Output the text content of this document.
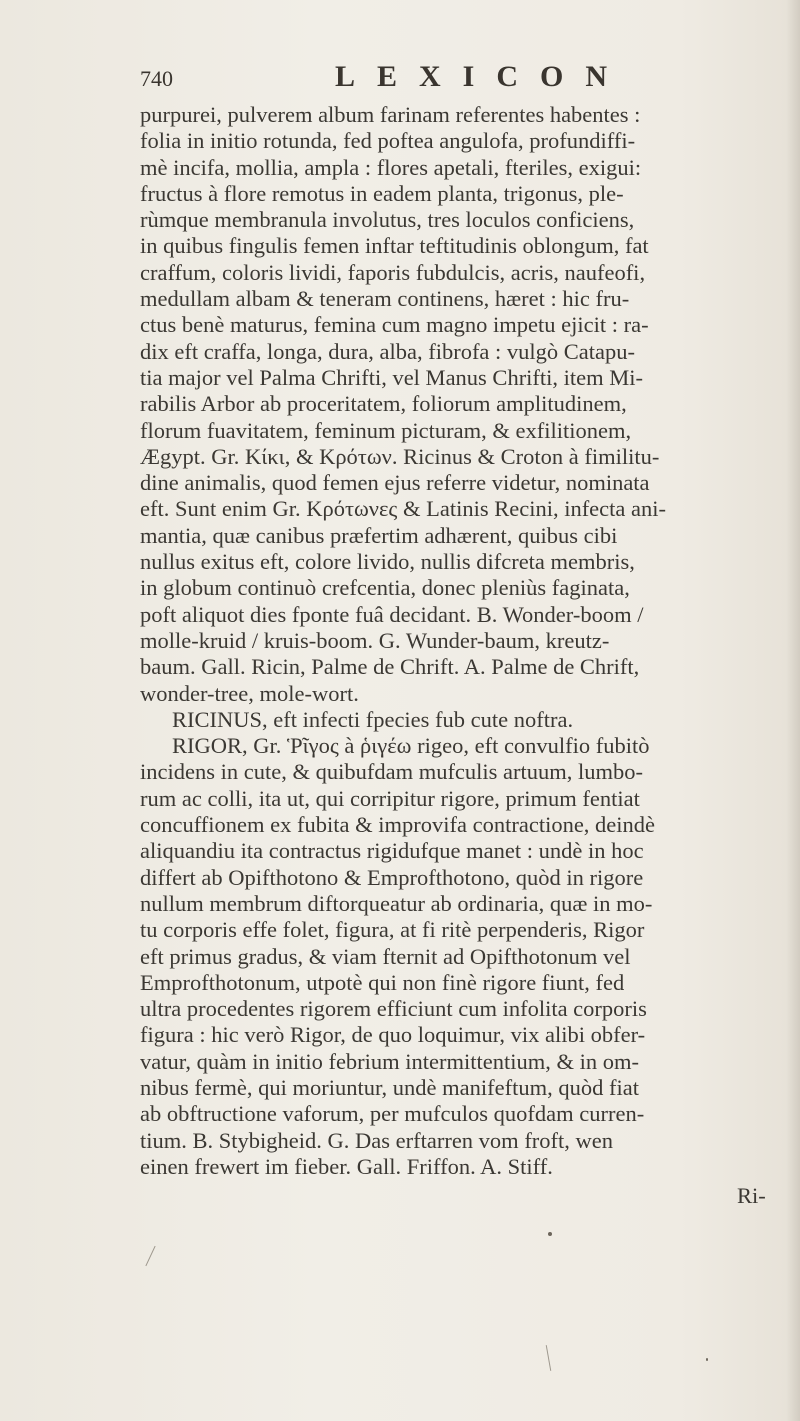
740	LEXICON
purpurei, pulverem album farinam referentes habentes :
folia in initio rotunda, fed poftea angulofa, profundiffi-
mè incifa, mollia, ampla : flores apetali, fteriles, exigui:
fructus à flore remotus in eadem planta, trigonus, ple-
rùmque membranula involutus, tres loculos conficiens,
in quibus fingulis femen inftar teftitudinis oblongum, fat
craffum, coloris lividi, faporis fubdulcis, acris, naufeofi,
medullam albam & teneram continens, hæret : hic fru-
ctus benè maturus, femina cum magno impetu ejicit : ra-
dix eft craffa, longa, dura, alba, fibrofa : vulgò Catapu-
tia major vel Palma Chrifti, vel Manus Chrifti, item Mi-
rabilis Arbor ab proceritatem, foliorum amplitudinem,
florum fuavitatem, feminum picturam, & exfilitionem,
Ægypt. Gr. Κίκι, & Κρότων. Ricinus & Croton à fimilitu-
dine animalis, quod femen ejus referre videtur, nominata
eft. Sunt enim Gr. Κρότωνες & Latinis Recini, infecta ani-
mantia, quæ canibus præfertim adhærent, quibus cibi
nullus exitus eft, colore livido, nullis difcreta membris,
in globum continuò crefcentia, donec pleniùs faginata,
poft aliquot dies fponte fuâ decidant. B. Wonder-boom /
molle-kruid / kruis-boom. G. Wunder-baum, kreutz-
baum. Gall. Ricin, Palme de Chrift. A. Palme de Chrift,
wonder-tree, mole-wort.
RICINUS, eft infecti fpecies fub cute noftra.
RIGOR, Gr. Ῥῖγος à ῥιγέω rigeo, eft convulfio fubitò
incidens in cute, & quibufdam mufculis artuum, lumbo-
rum ac colli, ita ut, qui corripitur rigore, primum fentiat
concuffionem ex fubita & improvifa contractione, deindè
aliquandiu ita contractus rigidufque manet : undè in hoc
differt ab Opifthotono & Emprofthotono, quòd in rigore
nullum membrum diftorqueatur ab ordinaria, quæ in mo-
tu corporis effe folet, figura, at fi ritè perpenderis, Rigor
eft primus gradus, & viam fternit ad Opifthotonum vel
Emprofthotonum, utpotè qui non finè rigore fiunt, fed
ultra procedentes rigorem efficiunt cum infolita corporis
figura : hic verò Rigor, de quo loquimur, vix alibi obfer-
vatur, quàm in initio febrium intermittentium, & in om-
nibus fermè, qui moriuntur, undè manifeftum, quòd fiat
ab obftructione vaforum, per mufculos quofdam curren-
tium. B. Stybigheid. G. Das erftarren vom froft, wen
einen frewert im fieber. Gall. Friffon. A. Stiff.
Ri-
